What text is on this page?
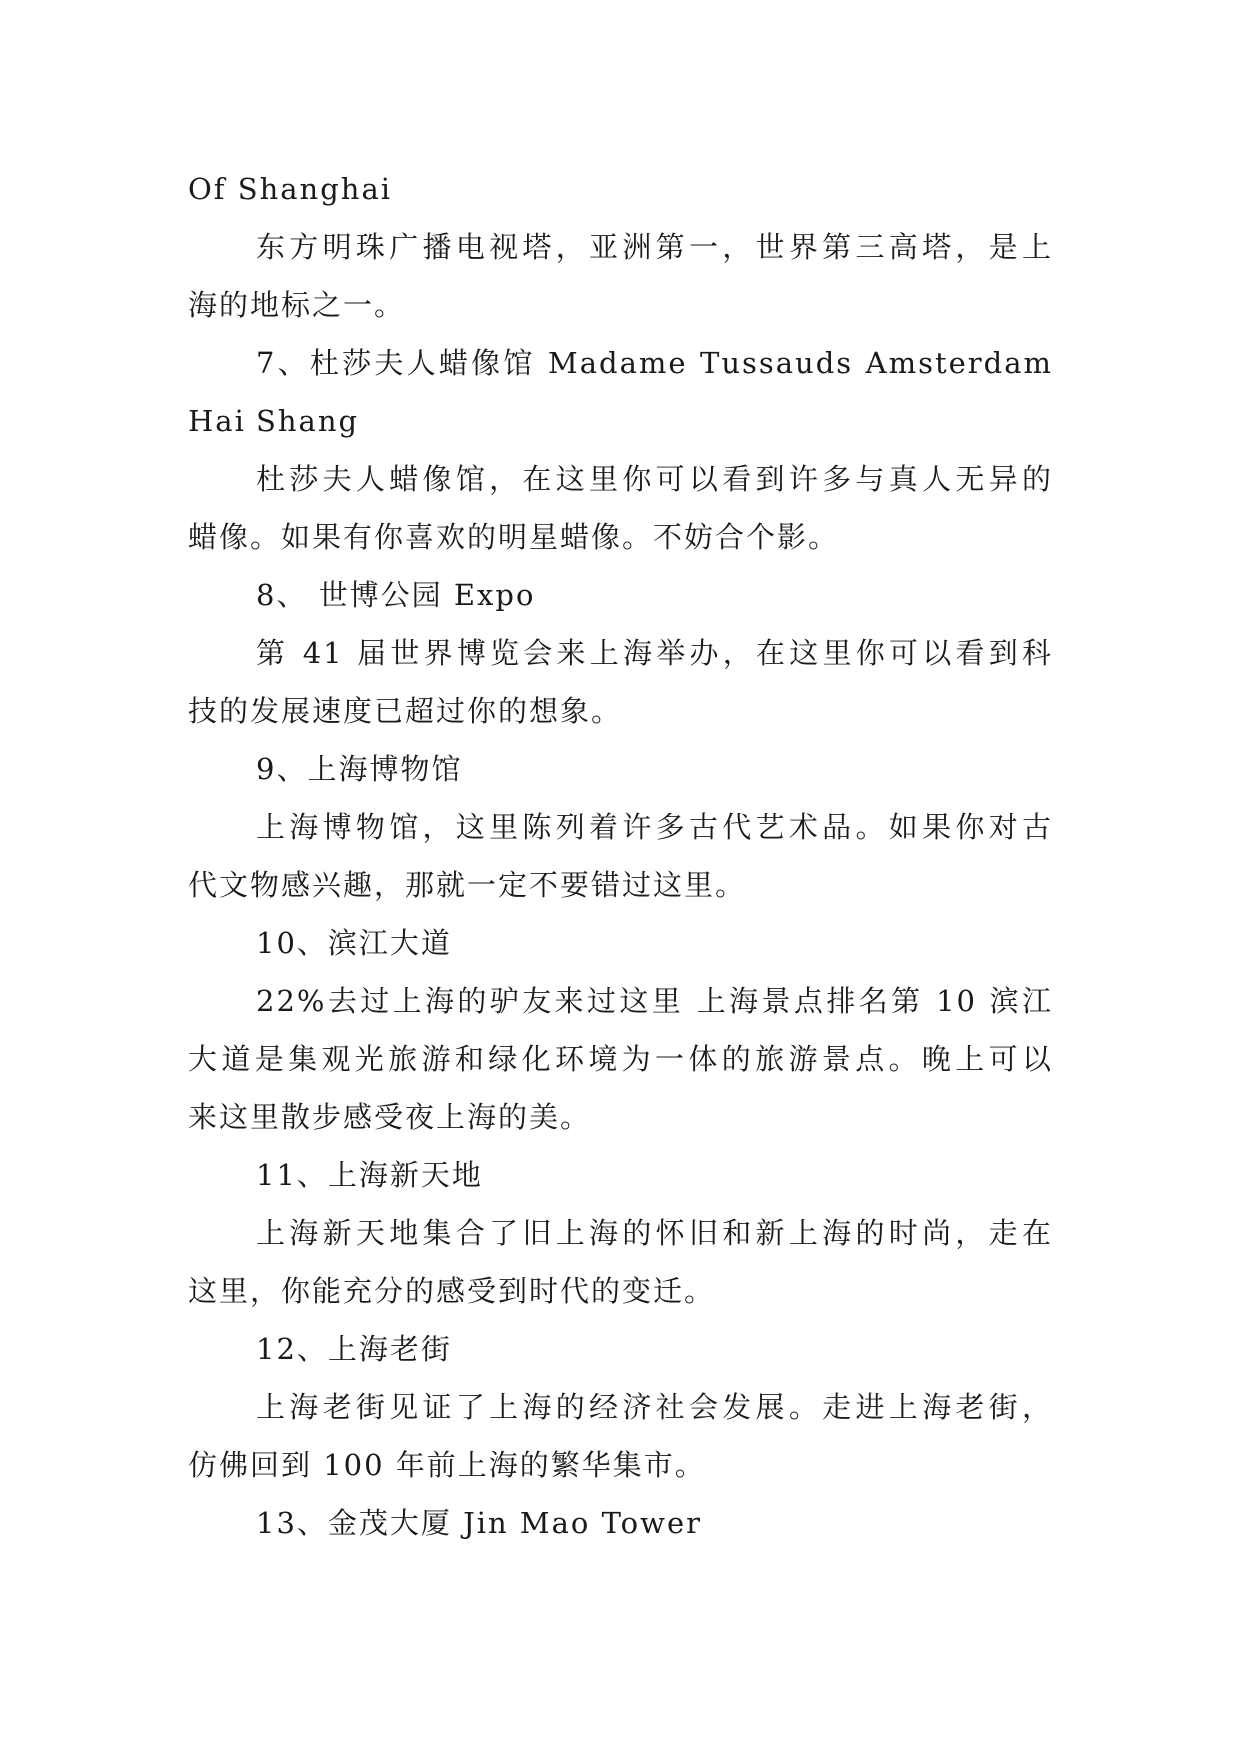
Of Shanghai
东方明珠广播电视塔，亚洲第一，世界第三高塔，是上
海的地标之一。
7、杜莎夫人蜡像馆 Madame Tussauds Amsterdam Shang
Hai
杜莎夫人蜡像馆，在这里你可以看到许多与真人无异的
蜡像。如果有你喜欢的明星蜡像。不妨合个影。
8、 世博公园 Expo
第 41 届世界博览会来上海举办，在这里你可以看到科
技的发展速度已超过你的想象。
9、上海博物馆
上海博物馆，这里陈列着许多古代艺术品。如果你对古
代文物感兴趣，那就一定不要错过这里。
10、滨江大道
22%去过上海的驴友来过这里 上海景点排名第 10 滨江
大道是集观光旅游和绿化环境为一体的旅游景点。晚上可以
来这里散步感受夜上海的美。
11、上海新天地
上海新天地集合了旧上海的怀旧和新上海的时尚，走在
这里，你能充分的感受到时代的变迁。
12、上海老街
上海老街见证了上海的经济社会发展。走进上海老街，
仿佛回到 100 年前上海的繁华集市。
13、金茂大厦 Jin Mao Tower
